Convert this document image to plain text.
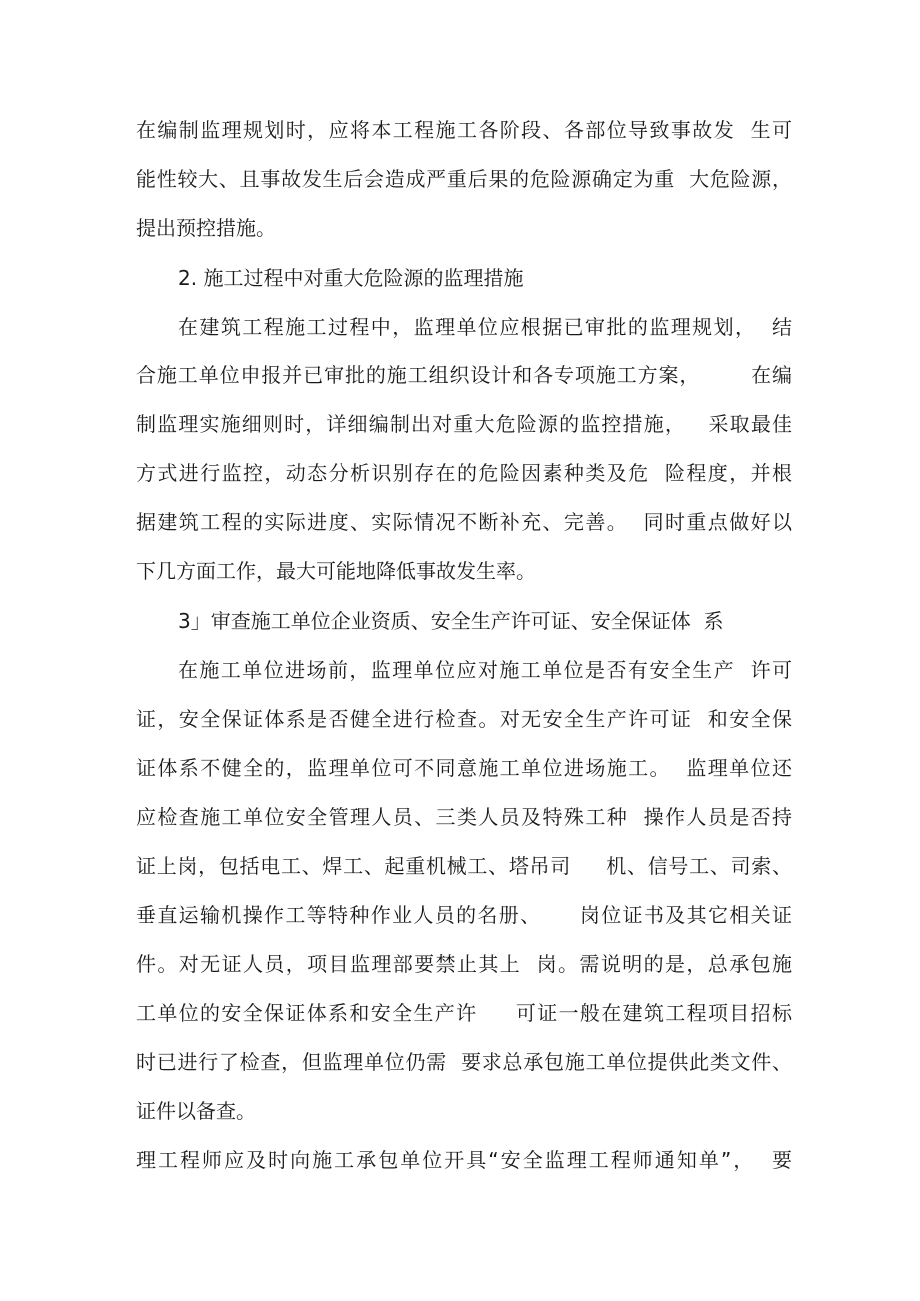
在编制监理规划时，应将本工程施工各阶段、各部位导致事故发  生可
能性较大、且事故发生后会造成严重后果的危险源确定为重  大危险源，
提出预控措施。
2. 施工过程中对重大危险源的监理措施
在建筑工程施工过程中，监理单位应根据已审批的监理规划，  结
合施工单位申报并已审批的施工组织设计和各专项施工方案，       在编
制监理实施细则时，详细编制出对重大危险源的监控措施，   采取最佳
方式进行监控，动态分析识别存在的危险因素种类及危  险程度，并根
据建筑工程的实际进度、实际情况不断补充、完善。  同时重点做好以
下几方面工作，最大可能地降低事故发生率。
3」审查施工单位企业资质、安全生产许可证、安全保证体  系
在施工单位进场前，监理单位应对施工单位是否有安全生产  许可
证，安全保证体系是否健全进行检查。对无安全生产许可证  和安全保
证体系不健全的，监理单位可不同意施工单位进场施工。  监理单位还
应检查施工单位安全管理人员、三类人员及特殊工种  操作人员是否持
证上岗，包括电工、焊工、起重机械工、塔吊司     机、信号工、司索、
垂直运输机操作工等特种作业人员的名册、     岗位证书及其它相关证
件。对无证人员，项目监理部要禁止其上  岗。需说明的是，总承包施
工单位的安全保证体系和安全生产许     可证一般在建筑工程项目招标
时已进行了检查，但监理单位仍需  要求总承包施工单位提供此类文件、
证件以备查。
理工程师应及时向施工承包单位开具“安全监理工程师通知单”，  要
